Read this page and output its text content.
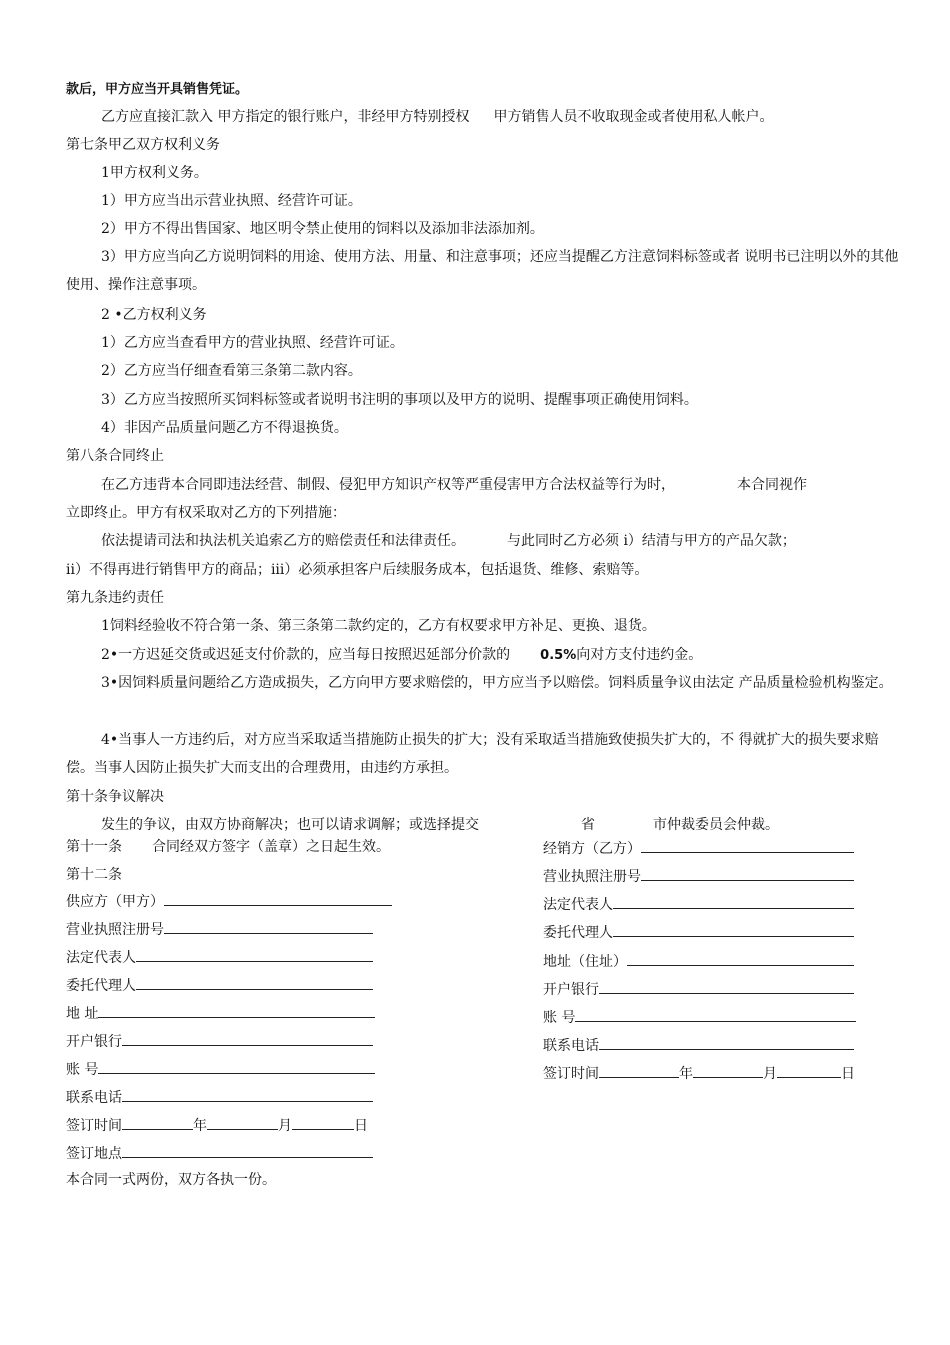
款后，甲方应当开具销售凭证。
乙方应直接汇款入 甲方指定的银行账户，非经甲方特别授权 甲方销售人员不收取现金或者使用私人帐户。
第七条甲乙双方权利义务
1甲方权利义务。
1）甲方应当出示营业执照、经营许可证。
2）甲方不得出售国家、地区明令禁止使用的饲料以及添加非法添加剂。
3）甲方应当向乙方说明饲料的用途、使用方法、用量、和注意事项；还应当提醒乙方注意饲料标签或者 说明书已注明以外的其他使用、操作注意事项。
2 •乙方权利义务
1）乙方应当查看甲方的营业执照、经营许可证。
2）乙方应当仔细查看第三条第二款内容。
3）乙方应当按照所买饲料标签或者说明书注明的事项以及甲方的说明、提醒事项正确使用饲料。
4）非因产品质量问题乙方不得退换货。
第八条合同终止
在乙方违背本合同即违法经营、制假、侵犯甲方知识产权等严重侵害甲方合法权益等行为时，	本合同视作
立即终止。甲方有权采取对乙方的下列措施：
依法提请司法和执法机关追索乙方的赔偿责任和法律责任。	与此同时乙方必须 i）结清与甲方的产品欠款；
ii）不得再进行销售甲方的商品；iii）必须承担客户后续服务成本，包括退货、维修、索赔等。
第九条违约责任
1饲料经验收不符合第一条、第三条第二款约定的，乙方有权要求甲方补足、更换、退货。
2•一方迟延交货或迟延支付价款的，应当每日按照迟延部分价款的 0.5%向对方支付违约金。
3•因饲料质量问题给乙方造成损失，乙方向甲方要求赔偿的，甲方应当予以赔偿。饲料质量争议由法定 产品质量检验机构鉴定。
4•当事人一方违约后，对方应当采取适当措施防止损失的扩大；没有采取适当措施致使损失扩大的，不 得就扩大的损失要求赔偿。当事人因防止损失扩大而支出的合理费用，由违约方承担。
第十条争议解决
发生的争议，由双方协商解决；也可以请求调解；或选择提交	省	市仲裁委员会仲裁。
第十一条 合同经双方签字（盖章）之日起生效。
第十二条
供应方（甲方）
营业执照注册号
法定代表人
委托代理人
地 址
开户银行
账 号
联系电话
签订时间	年	月	日
签订地点
本合同一式两份，双方各执一份。
经销方（乙方）
营业执照注册号
法定代表人
委托代理人
地址（住址）
开户银行
账 号
联系电话
签订时间	年	月	日
